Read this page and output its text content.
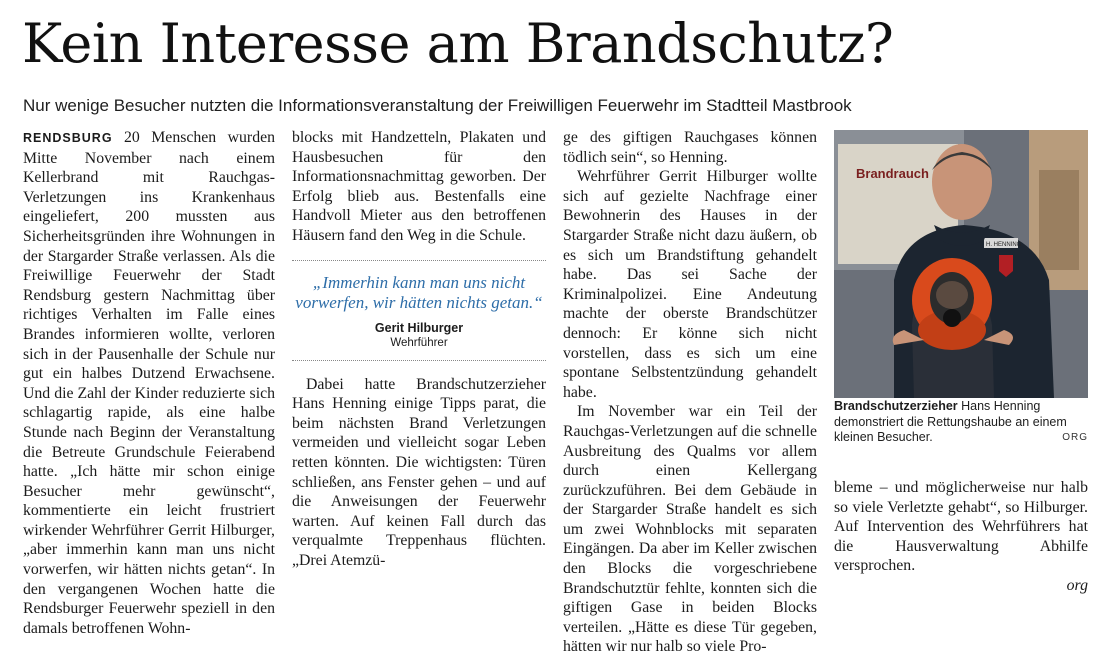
Kein Interesse am Brandschutz?
Nur wenige Besucher nutzten die Informationsveranstaltung der Freiwilligen Feuerwehr im Stadtteil Mastbrook

RENDSBURG 20 Menschen wurden Mitte November nach einem Kellerbrand mit Rauchgas-Verletzungen ins Krankenhaus eingeliefert, 200 mussten aus Sicherheitsgründen ihre Wohnungen in der Stargarder Straße verlassen. Als die Freiwillige Feuerwehr der Stadt Rendsburg gestern Nachmittag über richtiges Verhalten im Falle eines Brandes informieren wollte, verloren sich in der Pausenhalle der Schule nur gut ein halbes Dutzend Erwachsene. Und die Zahl der Kinder reduzierte sich schlagartig rapide, als eine halbe Stunde nach Beginn der Veranstaltung die Betreute Grundschule Feierabend hatte. „Ich hätte mir schon einige Besucher mehr gewünscht“, kommentierte ein leicht frustriert wirkender Wehrführer Gerrit Hilburger, „aber immerhin kann man uns nicht vorwerfen, wir hätten nichts getan“. In den vergangenen Wochen hatte die Rendsburger Feuerwehr speziell in den damals betroffenen Wohn-

blocks mit Handzetteln, Plakaten und Hausbesuchen für den Informationsnachmittag geworben. Der Erfolg blieb aus. Bestenfalls eine Handvoll Mieter aus den betroffenen Häusern fand den Weg in die Schule.

„Immerhin kann man uns nicht vorwerfen, wir hätten nichts getan.“
Gerit Hilburger
Wehrführer

Dabei hatte Brandschutzerzieher Hans Henning einige Tipps parat, die beim nächsten Brand Verletzungen vermeiden und vielleicht sogar Leben retten könnten. Die wichtigsten: Türen schließen, ans Fenster gehen – und auf die Anweisungen der Feuerwehr warten. Auf keinen Fall durch das verqualmte Treppenhaus flüchten. „Drei Atemzü-

ge des giftigen Rauchgases können tödlich sein“, so Henning.

Wehrführer Gerrit Hilburger wollte sich auf gezielte Nachfrage einer Bewohnerin des Hauses in der Stargarder Straße nicht dazu äußern, ob es sich um Brandstiftung gehandelt habe. Das sei Sache der Kriminalpolizei. Eine Andeutung machte der oberste Brandschützer dennoch: Er könne sich nicht vorstellen, dass es sich um eine spontane Selbstentzündung gehandelt habe.

Im November war ein Teil der Rauchgas-Verletzungen auf die schnelle Ausbreitung des Qualms vor allem durch einen Kellergang zurückzuführen. Bei dem Gebäude in der Stargarder Straße handelt es sich um zwei Wohnblocks mit separaten Eingängen. Da aber im Keller zwischen den Blocks die vorgeschriebene Brandschutztür fehlte, konnten sich die giftigen Gase in beiden Blocks verteilen. „Hätte es diese Tür gegeben, hätten wir nur halb so viele Pro-

Brandrauch
H. HENNING
Brandschutzerzieher Hans Henning demonstriert die Rettungshaube an einem kleinen Besucher.	ORG

bleme – und möglicherweise nur halb so viele Verletzte gehabt“, so Hilburger. Auf Intervention des Wehrführers hat die Hausverwaltung Abhilfe versprochen.

org
